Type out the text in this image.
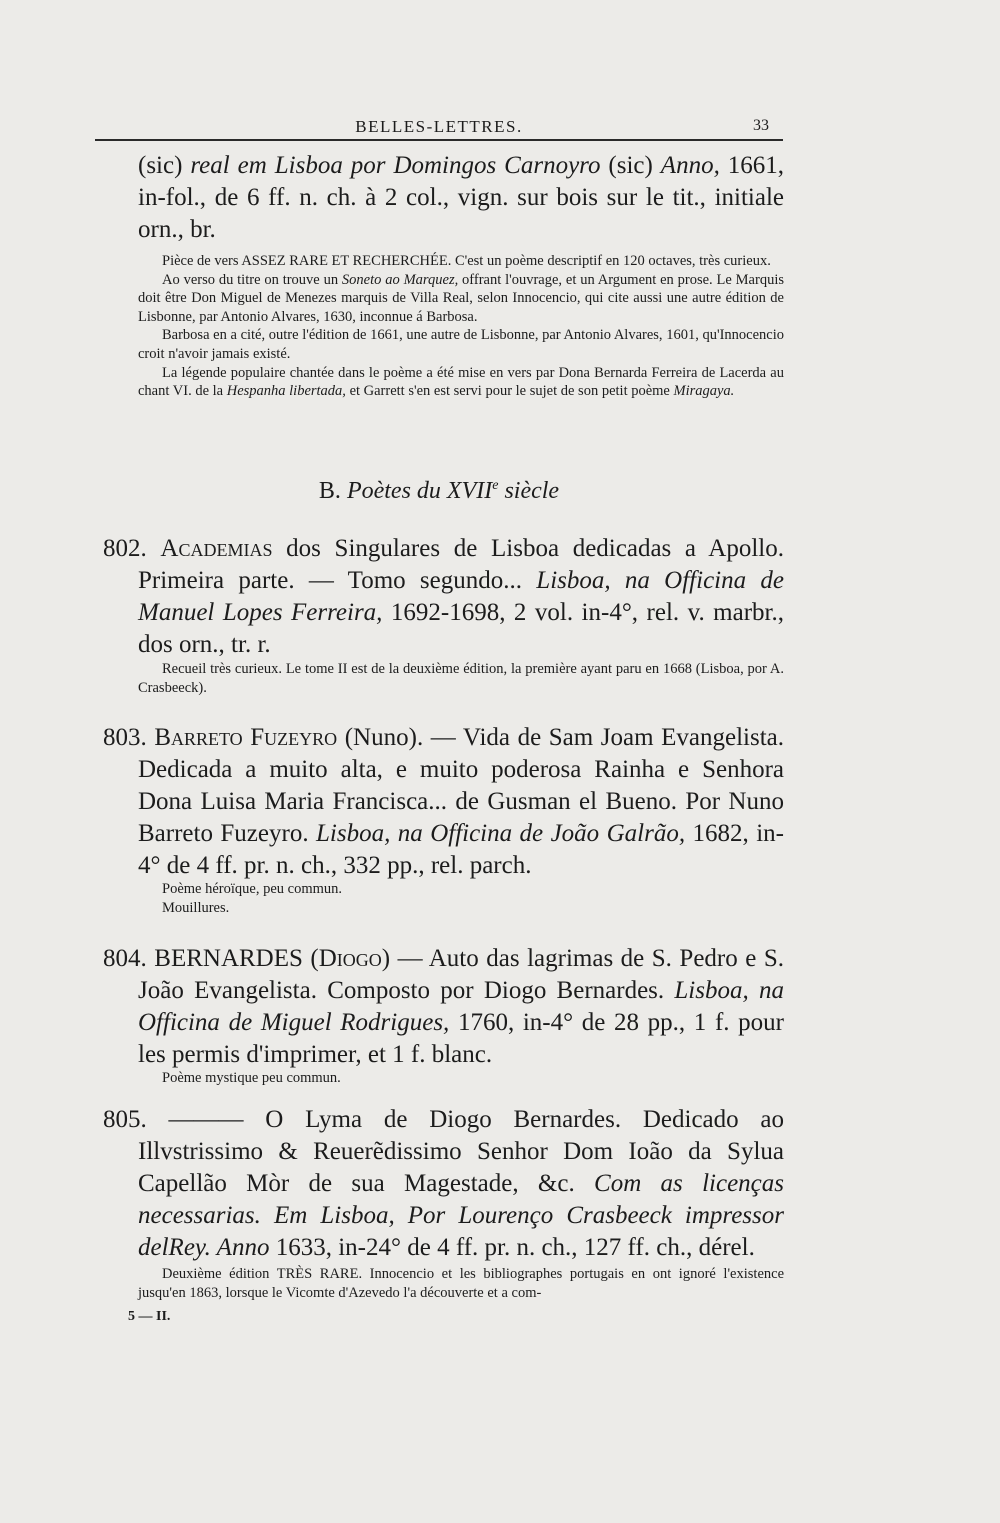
BELLES-LETTRES.	33

(sic) real em Lisboa por Domingos Carnoyro (sic) Anno, 1661, in-fol., de 6 ff. n. ch. à 2 col., vign. sur bois sur le tit., initiale orn., br.

Pièce de vers ASSEZ RARE ET RECHERCHÉE. C'est un poème descriptif en 120 octaves, très curieux.

Ao verso du titre on trouve un Soneto ao Marquez, offrant l'ouvrage, et un Argument en prose. Le Marquis doit être Don Miguel de Menezes marquis de Villa Real, selon Innocencio, qui cite aussi une autre édition de Lisbonne, par Antonio Alvares, 1630, inconnue á Barbosa.

Barbosa en a cité, outre l'édition de 1661, une autre de Lisbonne, par Antonio Alvares, 1601, qu'Innocencio croit n'avoir jamais existé.

La légende populaire chantée dans le poème a été mise en vers par Dona Bernarda Ferreira de Lacerda au chant VI. de la Hespanha libertada, et Garrett s'en est servi pour le sujet de son petit poème Miragaya.

B. Poètes du XVIIe siècle

802. Academias dos Singulares de Lisboa dedicadas a Apollo. Primeira parte. — Tomo segundo... Lisboa, na Officina de Manuel Lopes Ferreira, 1692-1698, 2 vol. in-4°, rel. v. marbr., dos orn., tr. r.

Recueil très curieux. Le tome II est de la deuxième édition, la première ayant paru en 1668 (Lisboa, por A. Crasbeeck).

803. Barreto Fuzeyro (Nuno). — Vida de Sam Joam Evangelista. Dedicada a muito alta, e muito poderosa Rainha e Senhora Dona Luisa Maria Francisca... de Gusman el Bueno. Por Nuno Barreto Fuzeyro. Lisboa, na Officina de João Galrão, 1682, in-4° de 4 ff. pr. n. ch., 332 pp., rel. parch.

Poème héroïque, peu commun.

Mouillures.

804. BERNARDES (Diogo) — Auto das lagrimas de S. Pedro e S. João Evangelista. Composto por Diogo Bernardes. Lisboa, na Officina de Miguel Rodrigues, 1760, in-4° de 28 pp., 1 f. pour les permis d'imprimer, et 1 f. blanc.

Poème mystique peu commun.

805. ——— O Lyma de Diogo Bernardes. Dedicado ao Illvstrissimo & Reuerẽdissimo Senhor Dom Ioão da Sylua Capellão Mòr de sua Magestade, &c. Com as licenças necessarias. Em Lisboa, Por Lourenço Crasbeeck impressor delRey. Anno 1633, in-24° de 4 ff. pr. n. ch., 127 ff. ch., dérel.

Deuxième édition TRÈS RARE. Innocencio et les bibliographes portugais en ont ignoré l'existence jusqu'en 1863, lorsque le Vicomte d'Azevedo l'a découverte et a com-

5 — II.
